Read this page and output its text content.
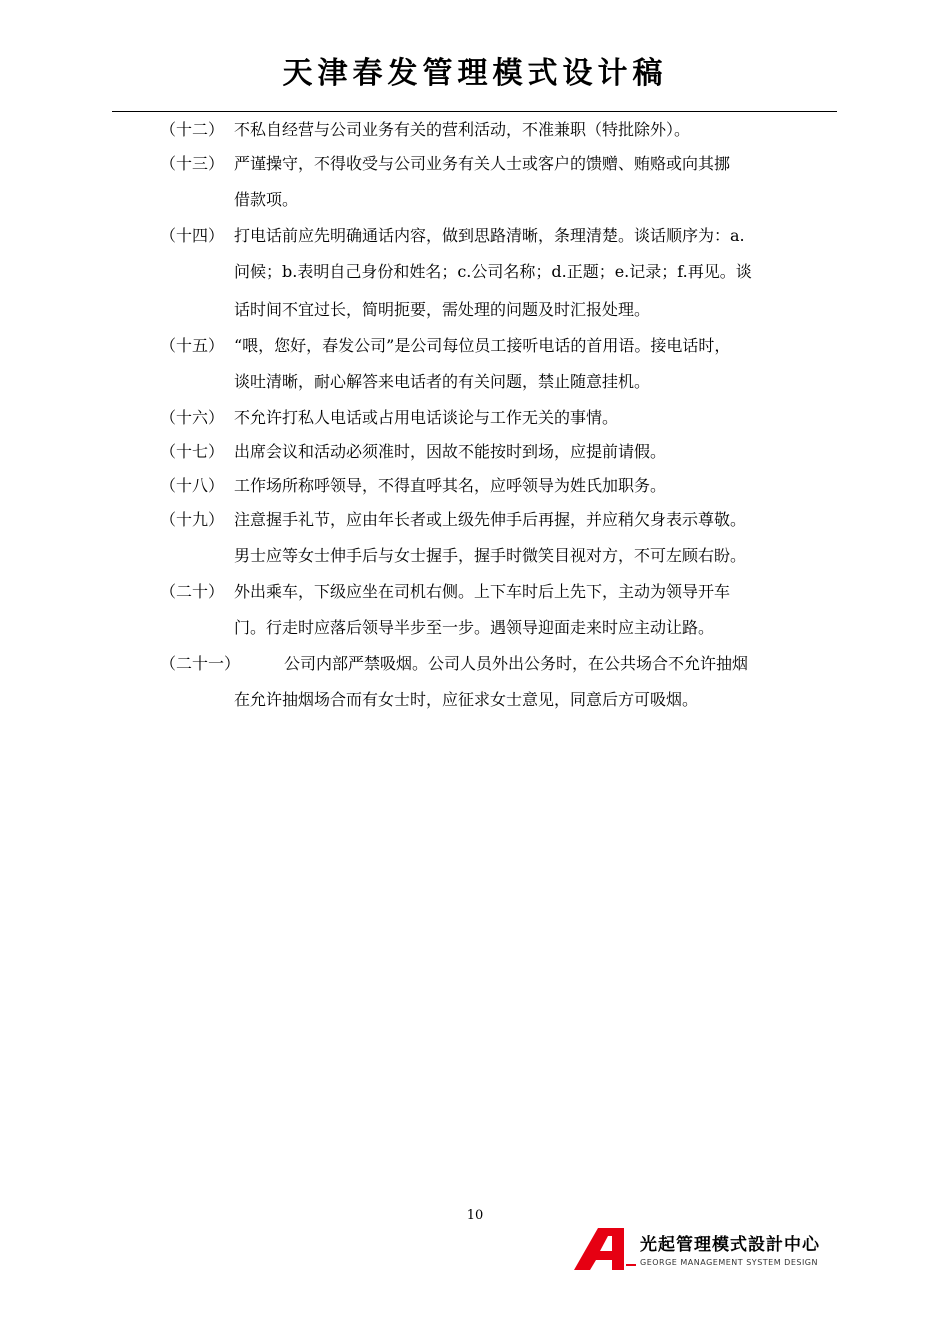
天津春发管理模式设计稿
（十二） 不私自经营与公司业务有关的营利活动，不准兼职（特批除外）。
（十三） 严谨操守，不得收受与公司业务有关人士或客户的馈赠、贿赂或向其挪
借款项。
（十四） 打电话前应先明确通话内容，做到思路清晰，条理清楚。谈话顺序为：a.
问候；b.表明自己身份和姓名；c.公司名称；d.正题；e.记录；f.再见。谈
话时间不宜过长，简明扼要，需处理的问题及时汇报处理。
（十五） “喂，您好，春发公司”是公司每位员工接听电话的首用语。接电话时，
谈吐清晰，耐心解答来电话者的有关问题，禁止随意挂机。
（十六） 不允许打私人电话或占用电话谈论与工作无关的事情。
（十七） 出席会议和活动必须准时，因故不能按时到场，应提前请假。
（十八） 工作场所称呼领导，不得直呼其名，应呼领导为姓氏加职务。
（十九） 注意握手礼节，应由年长者或上级先伸手后再握，并应稍欠身表示尊敬。
男士应等女士伸手后与女士握手，握手时微笑目视对方，不可左顾右盼。
（二十） 外出乘车，下级应坐在司机右侧。上下车时后上先下，主动为领导开车
门。行走时应落后领导半步至一步。遇领导迎面走来时应主动让路。
（二十一）	公司内部严禁吸烟。公司人员外出公务时，在公共场合不允许抽烟
在允许抽烟场合而有女士时，应征求女士意见，同意后方可吸烟。
10
光起管理模式設計中心
GEORGE MANAGEMENT SYSTEM DESIGN
